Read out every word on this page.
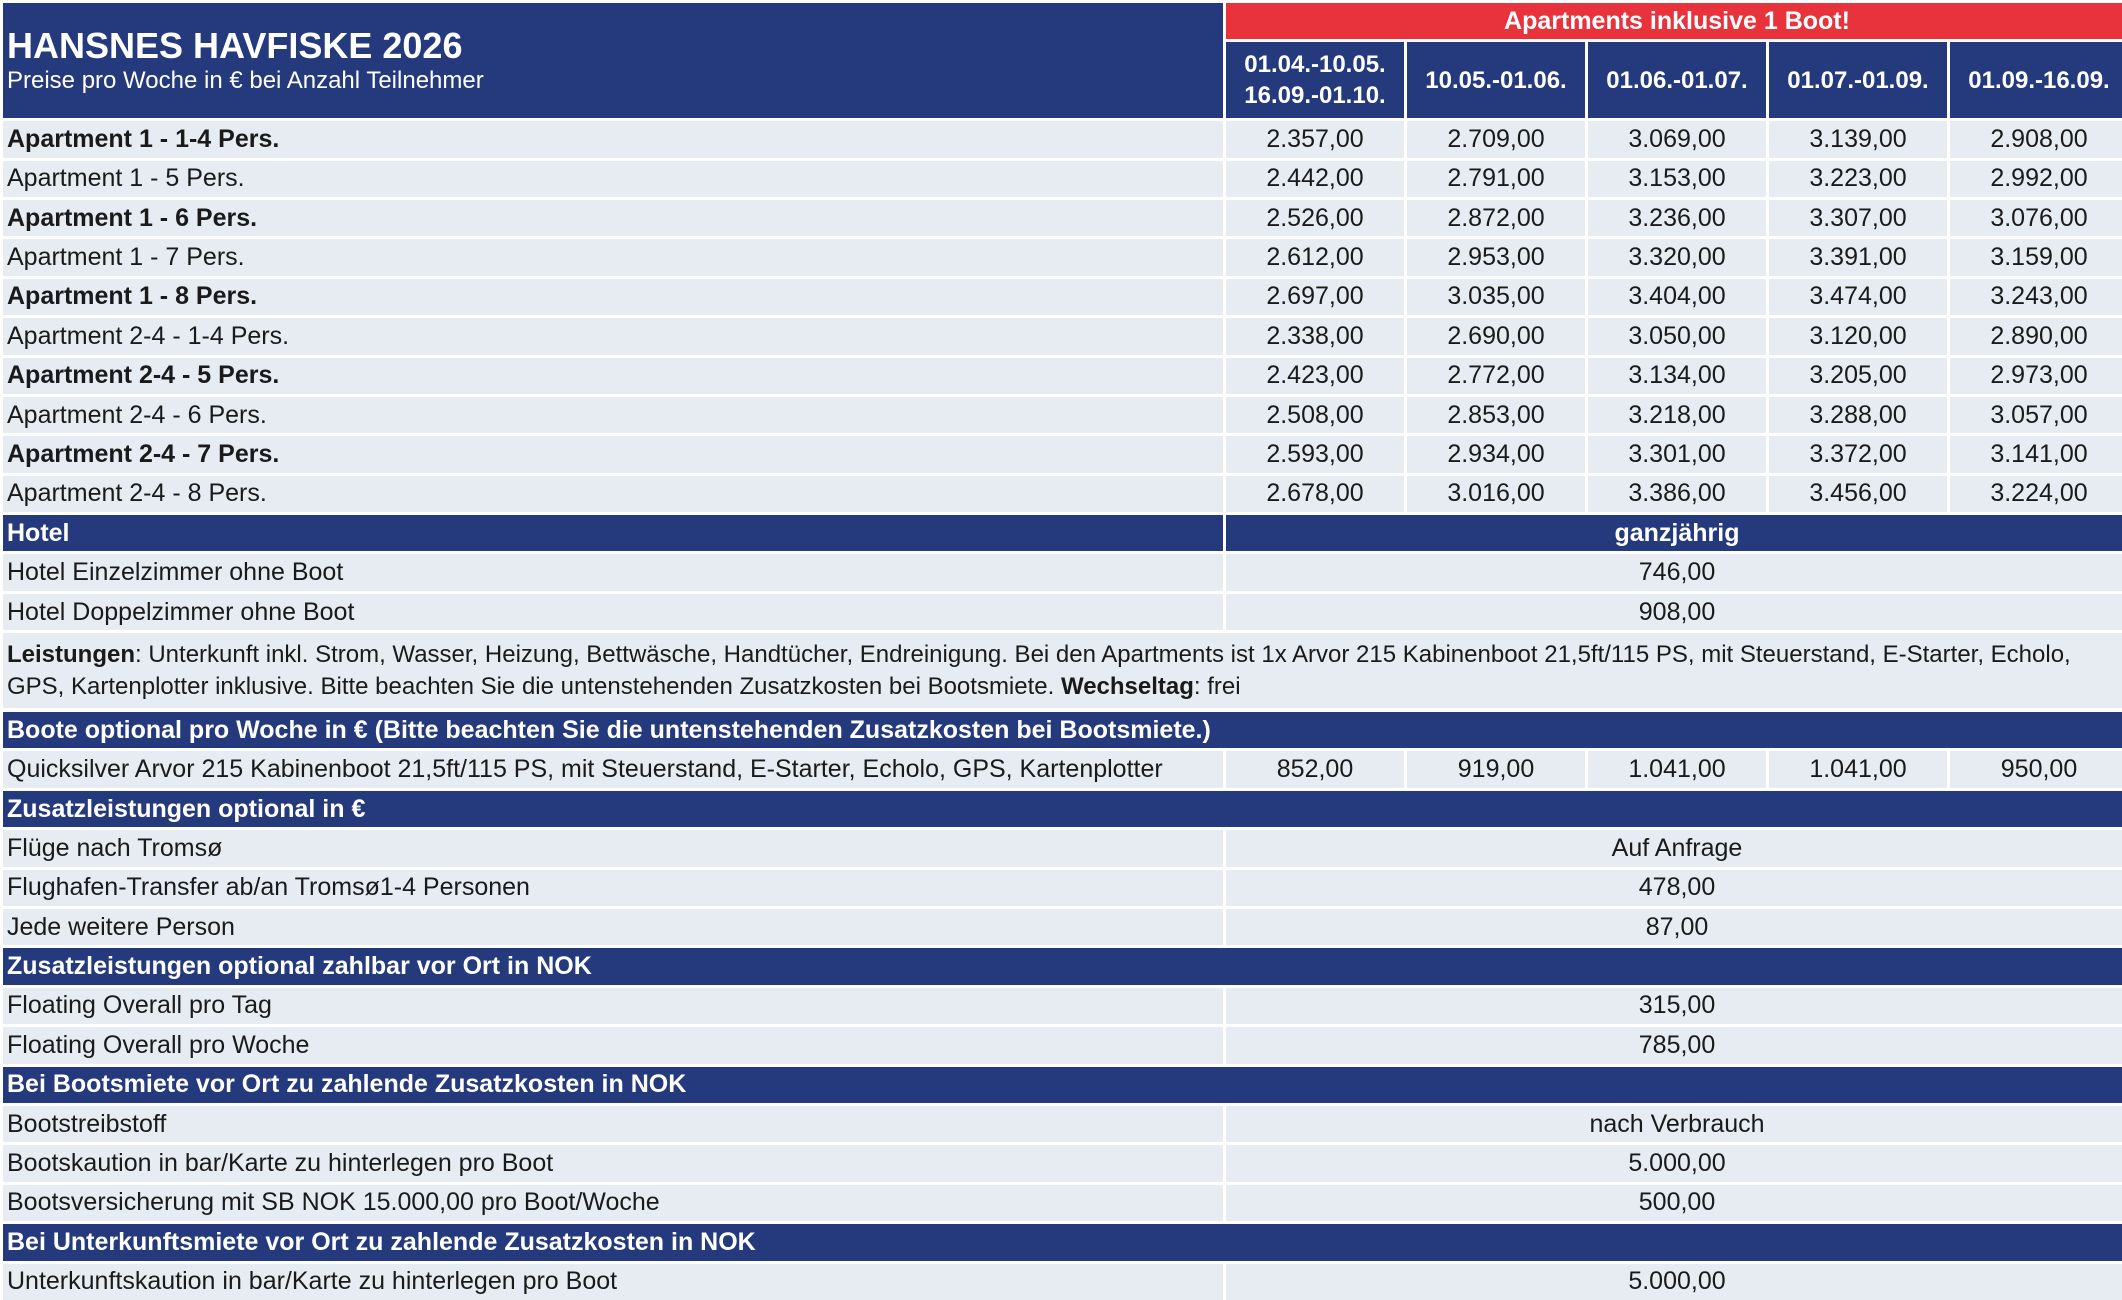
HANSNES HAVFISKE 2026
Preise pro Woche in € bei Anzahl Teilnehmer
Apartments inklusive 1 Boot!
01.04.-10.05.
16.09.-01.10.
10.05.-01.06. 01.06.-01.07. 01.07.-01.09. 01.09.-16.09.
Apartment 1 - 1-4 Pers.	2.357,00	2.709,00	3.069,00	3.139,00	2.908,00
Apartment 1 - 5 Pers.	2.442,00	2.791,00	3.153,00	3.223,00	2.992,00
Apartment 1 - 6 Pers.	2.526,00	2.872,00	3.236,00	3.307,00	3.076,00
Apartment 1 - 7 Pers.	2.612,00	2.953,00	3.320,00	3.391,00	3.159,00
Apartment 1 - 8 Pers.	2.697,00	3.035,00	3.404,00	3.474,00	3.243,00
Apartment 2-4 - 1-4 Pers.	2.338,00	2.690,00	3.050,00	3.120,00	2.890,00
Apartment 2-4 - 5 Pers.	2.423,00	2.772,00	3.134,00	3.205,00	2.973,00
Apartment 2-4 - 6 Pers.	2.508,00	2.853,00	3.218,00	3.288,00	3.057,00
Apartment 2-4 - 7 Pers.	2.593,00	2.934,00	3.301,00	3.372,00	3.141,00
Apartment 2-4 - 8 Pers.	2.678,00	3.016,00	3.386,00	3.456,00	3.224,00
Hotel	ganzjährig
Hotel Einzelzimmer ohne Boot	746,00
Hotel Doppelzimmer ohne Boot	908,00
Leistungen: Unterkunft inkl. Strom, Wasser, Heizung, Bettwäsche, Handtücher, Endreinigung. Bei den Apartments ist 1x Arvor 215 Kabinenboot 21,5ft/115 PS, mit Steuerstand, E-Starter, Echolo, GPS, Kartenplotter inklusive. Bitte beachten Sie die untenstehenden Zusatzkosten bei Bootsmiete. Wechseltag: frei
Boote optional pro Woche in € (Bitte beachten Sie die untenstehenden Zusatzkosten bei Bootsmiete.)
Quicksilver Arvor 215 Kabinenboot 21,5ft/115 PS, mit Steuerstand, E-Starter, Echolo, GPS, Kartenplotter	852,00	919,00	1.041,00	1.041,00	950,00
Zusatzleistungen optional in €
Flüge nach Tromsø	Auf Anfrage
Flughafen-Transfer ab/an Tromsø1-4 Personen	478,00
Jede weitere Person	87,00
Zusatzleistungen optional zahlbar vor Ort in NOK
Floating Overall pro Tag	315,00
Floating Overall pro Woche	785,00
Bei Bootsmiete vor Ort zu zahlende Zusatzkosten in NOK
Bootstreibstoff	nach Verbrauch
Bootskaution in bar/Karte zu hinterlegen pro Boot	5.000,00
Bootsversicherung mit SB NOK 15.000,00 pro Boot/Woche	500,00
Bei Unterkunftsmiete vor Ort zu zahlende Zusatzkosten in NOK
Unterkunftskaution in bar/Karte zu hinterlegen pro Boot	5.000,00
